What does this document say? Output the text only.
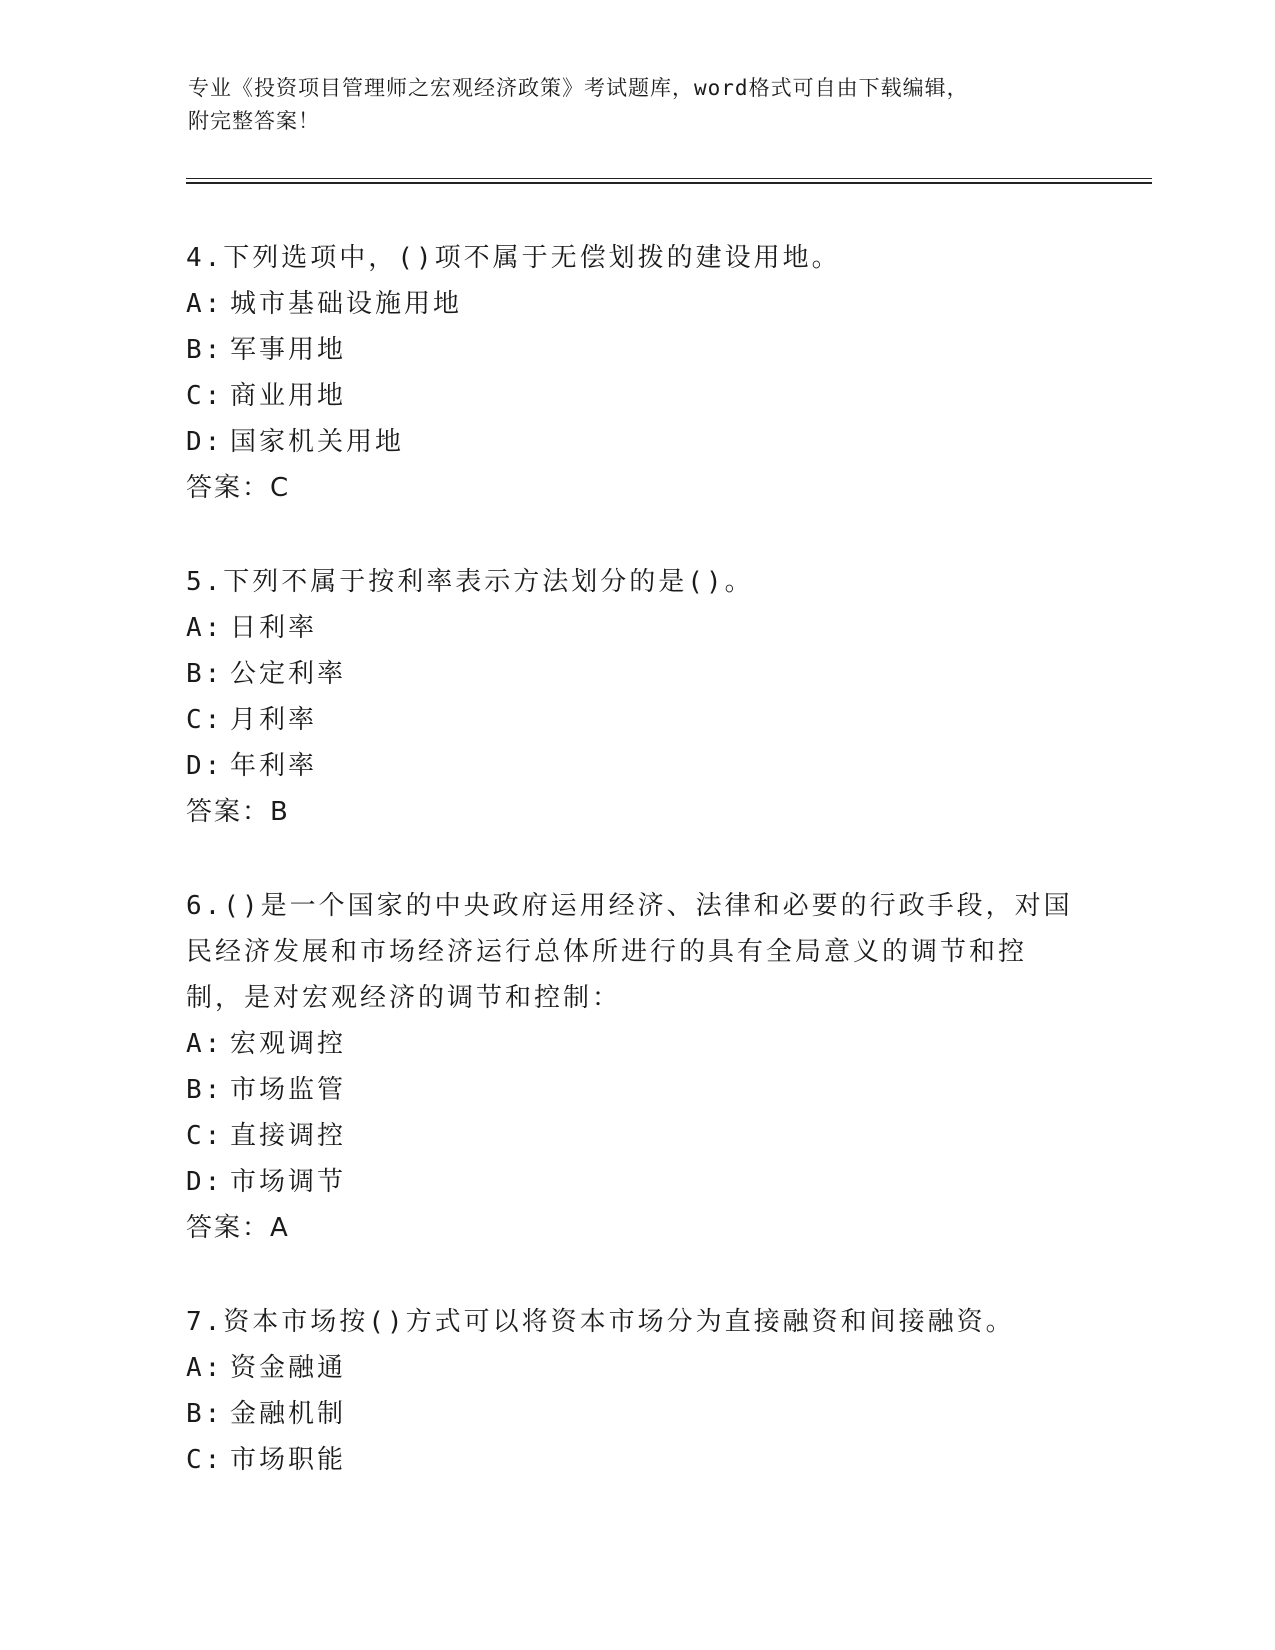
专业《投资项目管理师之宏观经济政策》考试题库，word格式可自由下载编辑，

附完整答案！

4.下列选项中，()项不属于无偿划拨的建设用地。

A: 城市基础设施用地

B: 军事用地

C: 商业用地

D: 国家机关用地

答案：C

5.下列不属于按利率表示方法划分的是()。

A: 日利率

B: 公定利率

C: 月利率

D: 年利率

答案：B

6.()是一个国家的中央政府运用经济、法律和必要的行政手段，对国民经济发展和市场经济运行总体所进行的具有全局意义的调节和控制，是对宏观经济的调节和控制：

A: 宏观调控

B: 市场监管

C: 直接调控

D: 市场调节

答案：A

7.资本市场按()方式可以将资本市场分为直接融资和间接融资。

A: 资金融通

B: 金融机制

C: 市场职能
